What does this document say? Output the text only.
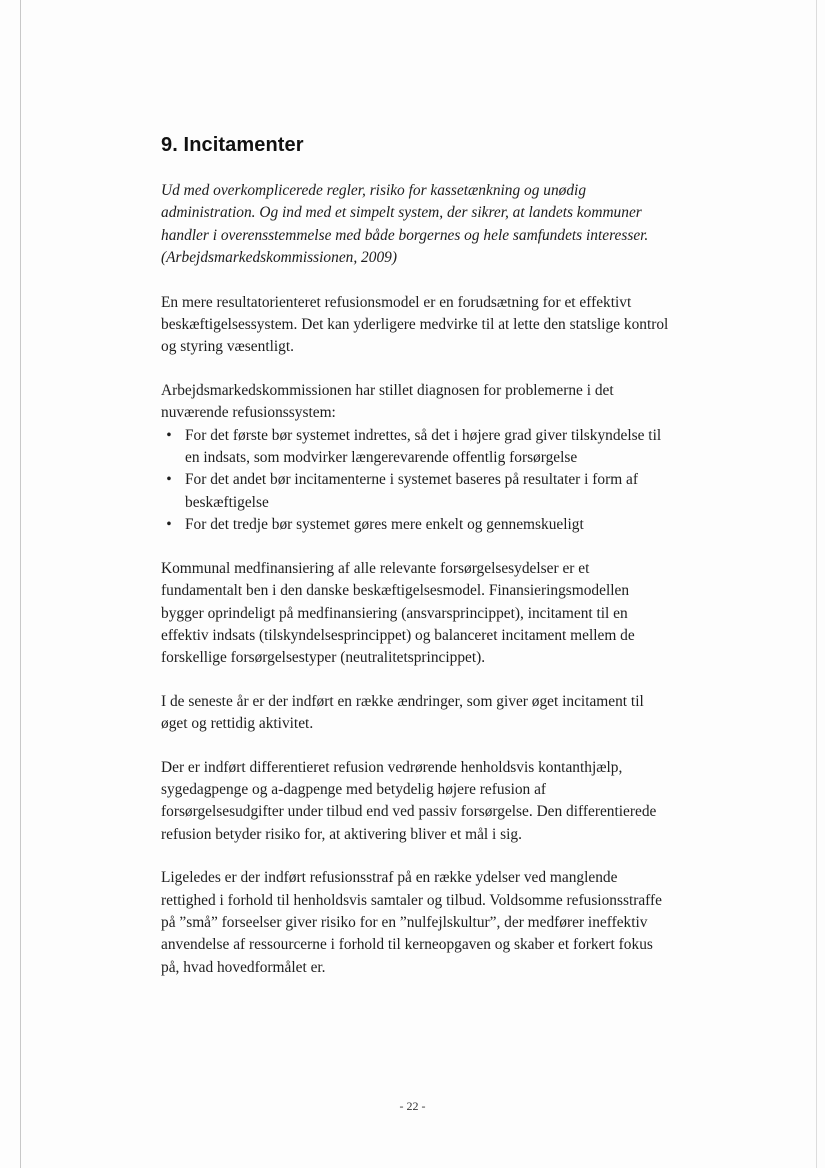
9. Incitamenter
Ud med overkomplicerede regler, risiko for kassetænkning og unødig administration. Og ind med et simpelt system, der sikrer, at landets kommuner handler i overensstemmelse med både borgernes og hele samfundets interesser. (Arbejdsmarkedskommissionen, 2009)

En mere resultatorienteret refusionsmodel er en forudsætning for et effektivt beskæftigelsessystem. Det kan yderligere medvirke til at lette den statslige kontrol og styring væsentligt.

Arbejdsmarkedskommissionen har stillet diagnosen for problemerne i det nuværende refusionssystem:

• For det første bør systemet indrettes, så det i højere grad giver tilskyndelse til en indsats, som modvirker længerevarende offentlig forsørgelse
• For det andet bør incitamenterne i systemet baseres på resultater i form af beskæftigelse
• For det tredje bør systemet gøres mere enkelt og gennemskueligt

Kommunal medfinansiering af alle relevante forsørgelsesydelser er et fundamentalt ben i den danske beskæftigelsesmodel. Finansieringsmodellen bygger oprindeligt på medfinansiering (ansvarsprincippet), incitament til en effektiv indsats (tilskyndelsesprincippet) og balanceret incitament mellem de forskellige forsørgelsestyper (neutralitetsprincippet).

I de seneste år er der indført en række ændringer, som giver øget incitament til øget og rettidig aktivitet.

Der er indført differentieret refusion vedrørende henholdsvis kontanthjælp, sygedagpenge og a-dagpenge med betydelig højere refusion af forsørgelsesudgifter under tilbud end ved passiv forsørgelse. Den differentierede refusion betyder risiko for, at aktivering bliver et mål i sig.

Ligeledes er der indført refusionsstraf på en række ydelser ved manglende rettighed i forhold til henholdsvis samtaler og tilbud. Voldsomme refusionsstraffe på ”små” forseelser giver risiko for en ”nulfejlskultur”, der medfører ineffektiv anvendelse af ressourcerne i forhold til kerneopgaven og skaber et forkert fokus på, hvad hovedformålet er.

- 22 -
